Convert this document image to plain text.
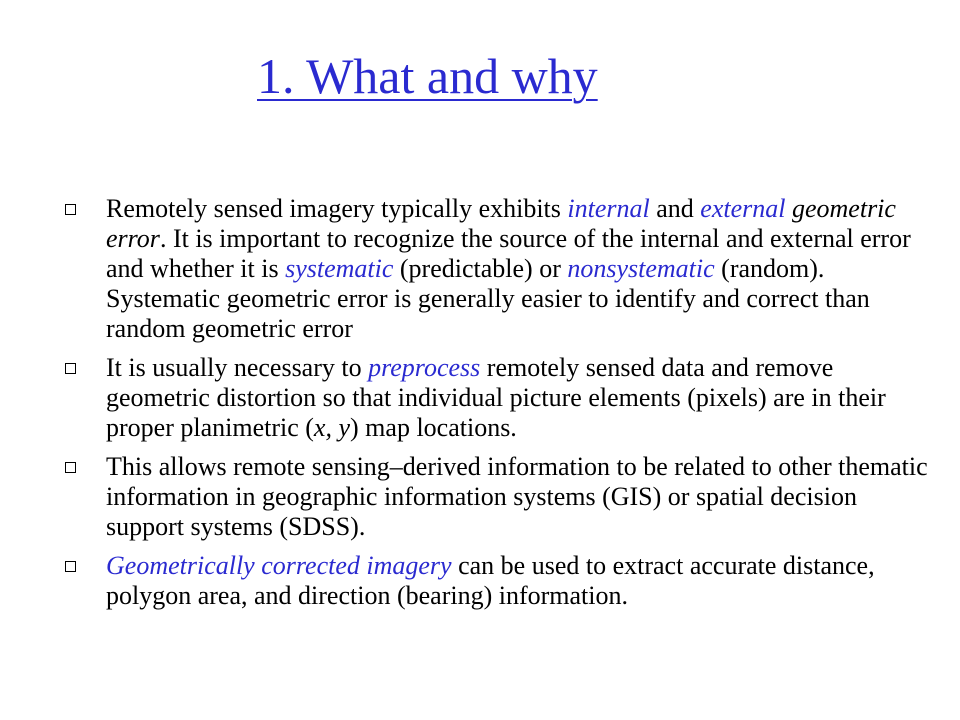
1. What and why
Remotely sensed imagery typically exhibits internal and external geometric error. It is important to recognize the source of the internal and external error and whether it is systematic (predictable) or nonsystematic (random). Systematic geometric error is generally easier to identify and correct than random geometric error
It is usually necessary to preprocess remotely sensed data and remove geometric distortion so that individual picture elements (pixels) are in their proper planimetric (x, y) map locations.
This allows remote sensing–derived information to be related to other thematic information in geographic information systems (GIS) or spatial decision support systems (SDSS).
Geometrically corrected imagery can be used to extract accurate distance, polygon area, and direction (bearing) information.
